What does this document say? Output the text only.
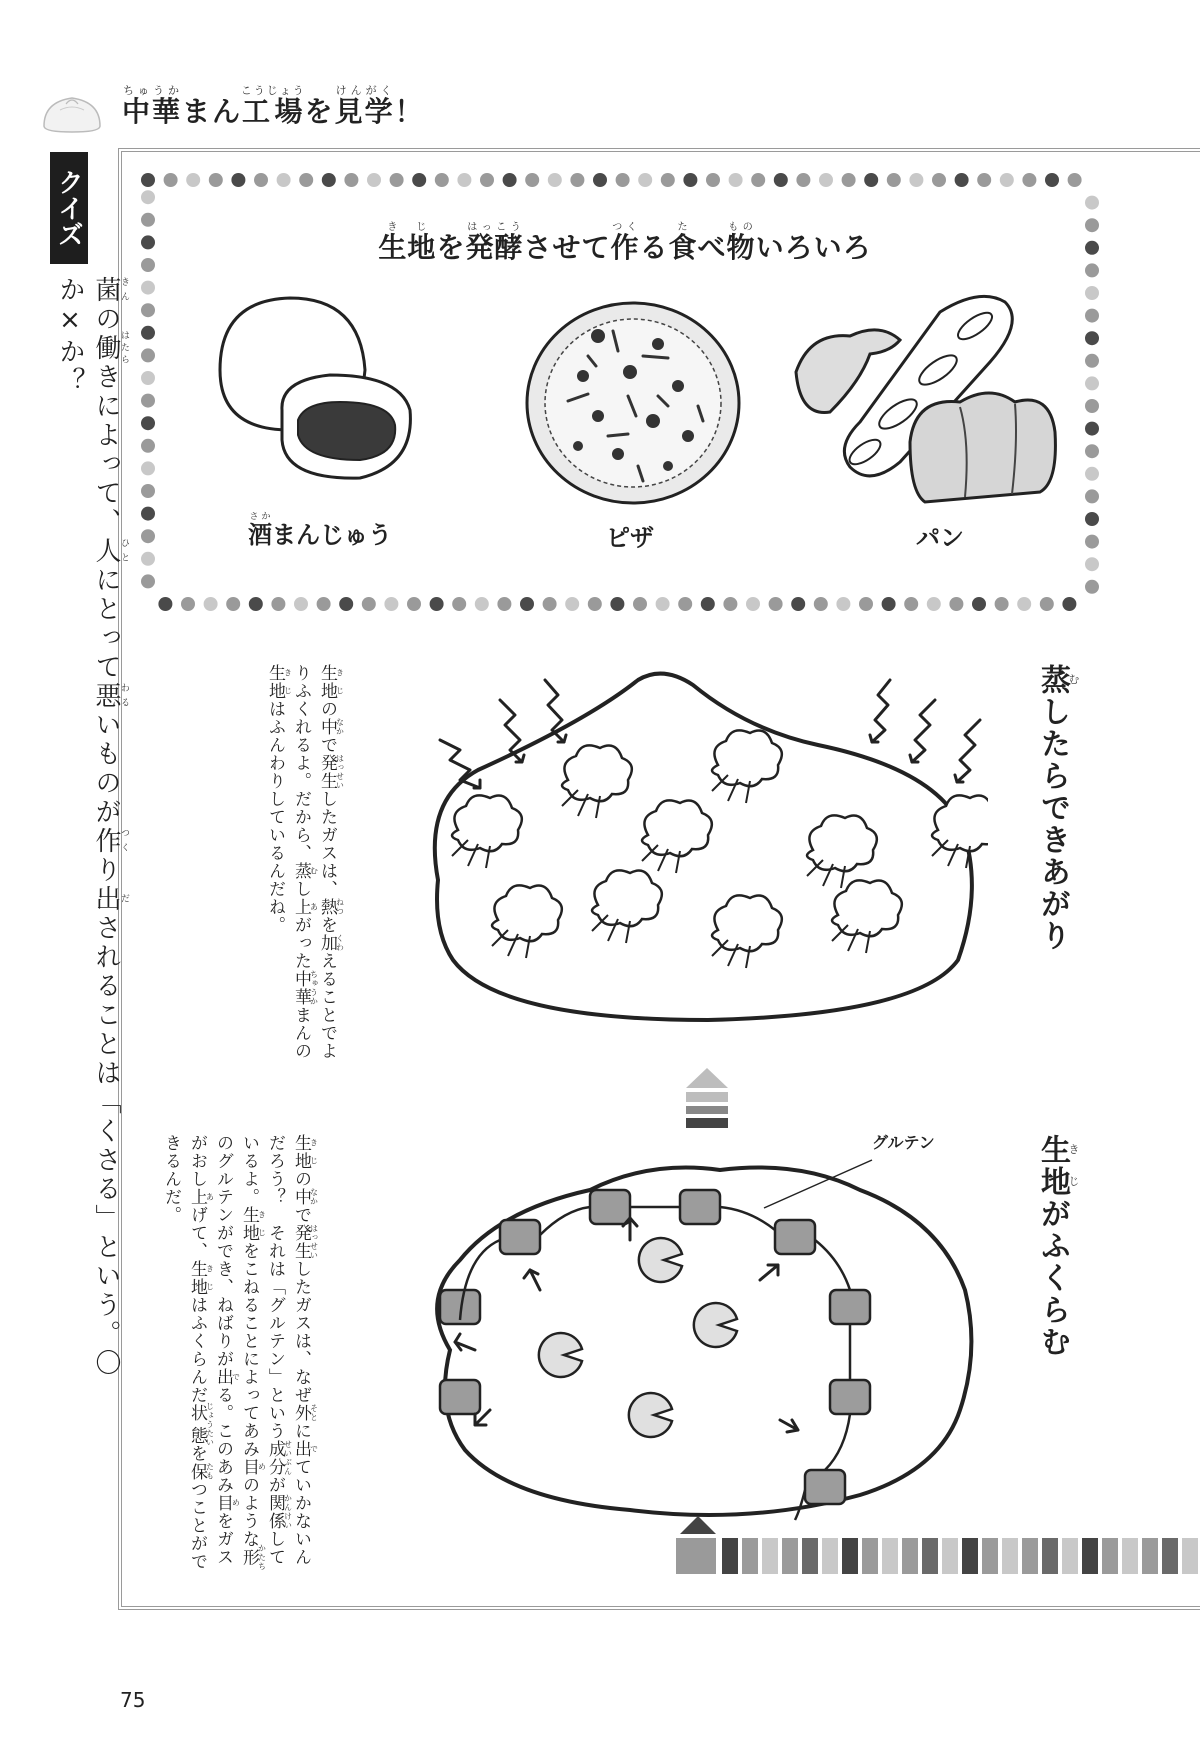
中華ちゅうかまん工場こうじょうを見学けんがく！
クイズ
菌きんの働はたらきによって、人ひとにとって悪わるいものが作つくり出だされることは「くさる」という。〇か×か？
生地きじを発酵はっこうさせて作つくる食たべ物ものいろいろ
酒さかまんじゅう	ピザ	パン
蒸むしたらできあがり
生地きじの中なかで発生はっせいしたガスは、熱ねつを加くわえることでよりふくれるよ。だから、蒸むし上あがった中華ちゅうかまんの生地きじはふんわりしているんだね。
生き地じがふくらむ
グルテン
生地きじの中なかで発生はっせいしたガスは、なぜ外そとに出でていかないんだろう？　それは「グルテン」という成分せいぶんが関係かんけいしているよ。生地きじをこねることによってあみ目めのような形かたちのグルテンができ、ねばりが出でる。このあみ目めをガスがおし上あげて、生地きじはふくらんだ状態じょうたいを保たもつことができるんだ。
75
